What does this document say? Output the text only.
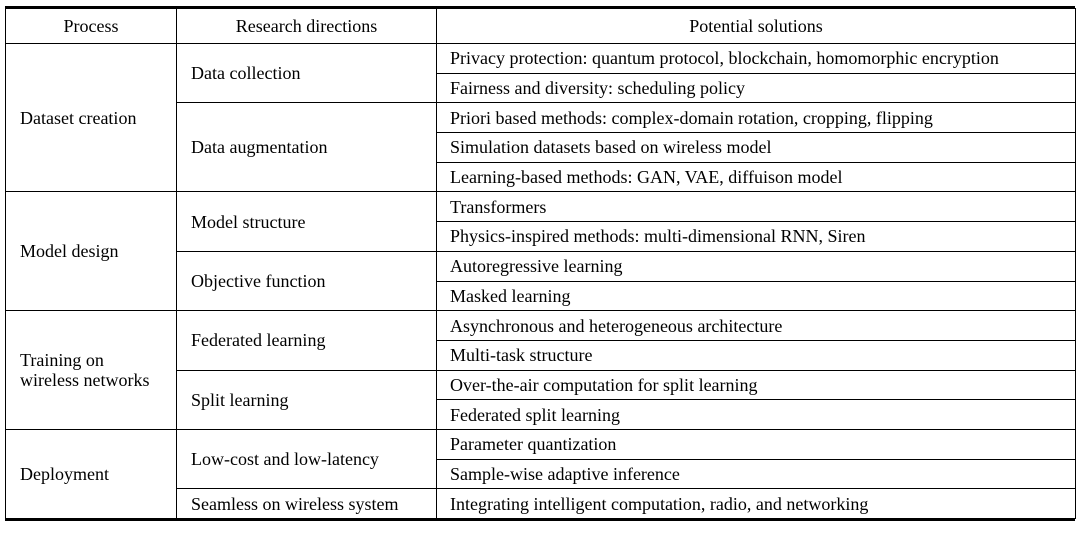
Process	Research directions	Potential solutions
Dataset creation	Data collection	Privacy protection: quantum protocol, blockchain, homomorphic encryption
		Fairness and diversity: scheduling policy
	Data augmentation	Priori based methods: complex-domain rotation, cropping, flipping
		Simulation datasets based on wireless model
		Learning-based methods: GAN, VAE, diffuison model
Model design	Model structure	Transformers
		Physics-inspired methods: multi-dimensional RNN, Siren
	Objective function	Autoregressive learning
		Masked learning
Training on
wireless networks	Federated learning	Asynchronous and heterogeneous architecture
		Multi-task structure
	Split learning	Over-the-air computation for split learning
		Federated split learning
Deployment	Low-cost and low-latency	Parameter quantization
		Sample-wise adaptive inference
	Seamless on wireless system	Integrating intelligent computation, radio, and networking
